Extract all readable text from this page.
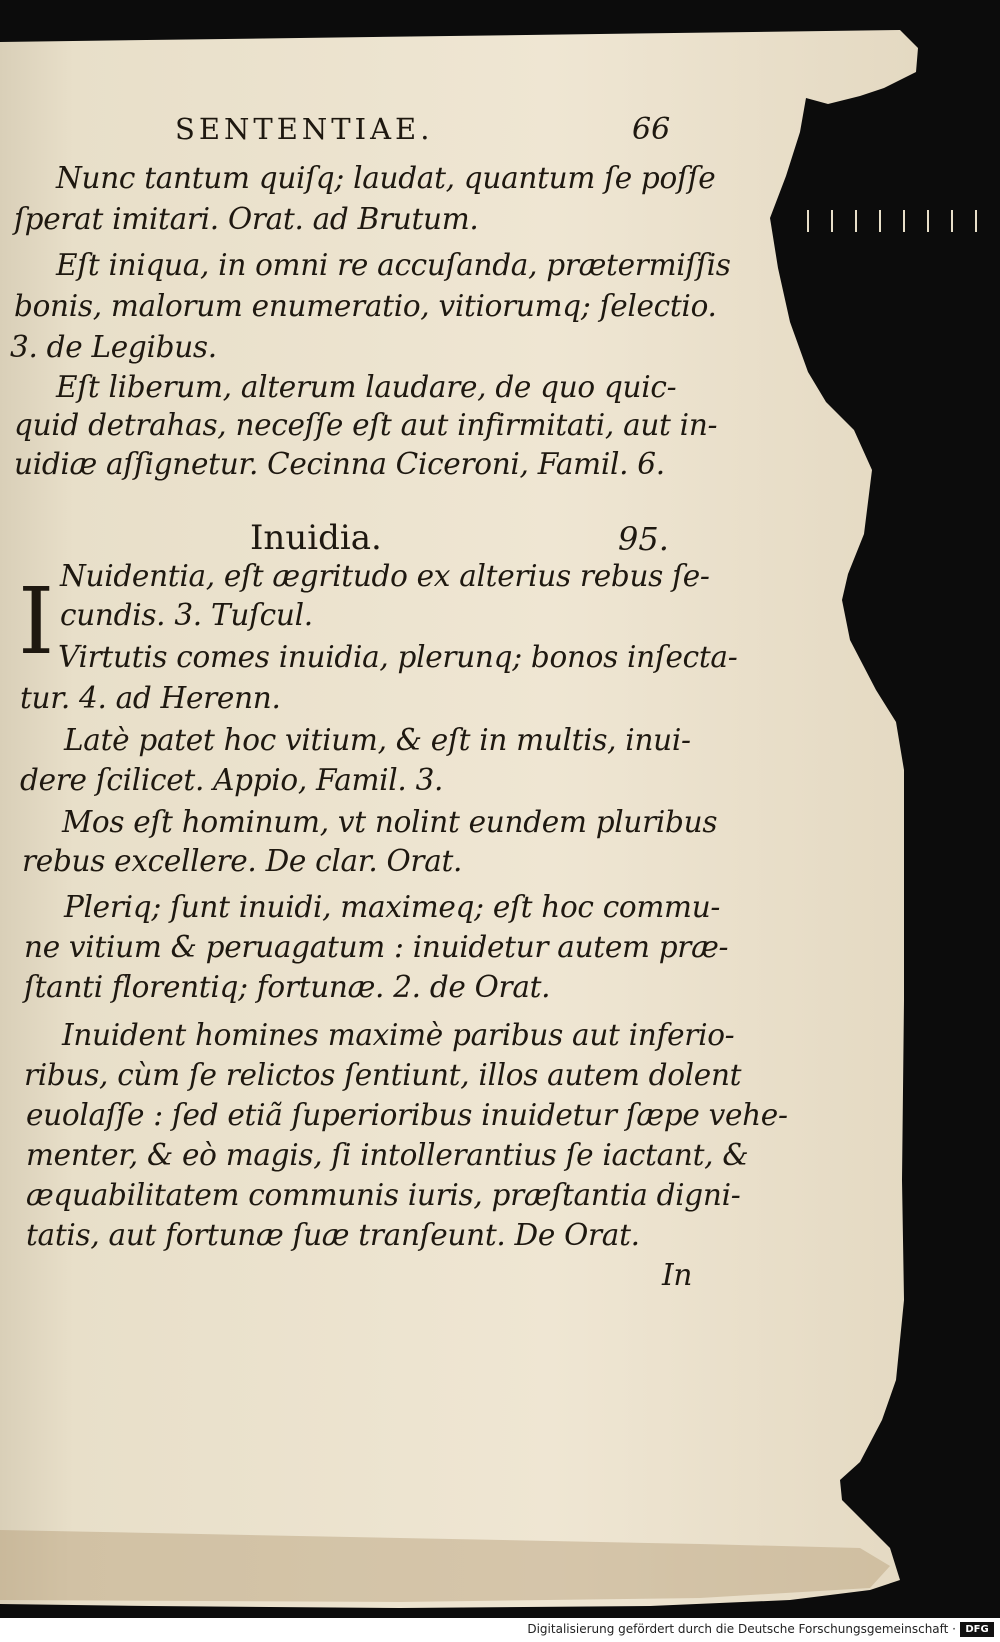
SENTENTIAE.	66
Nunc tantum quiſq; laudat, quantum ſe poſſe
ſperat imitari. Orat. ad Brutum.
Eſt iniqua, in omni re accuſanda, prætermiſſis
bonis, malorum enumeratio, vitiorumq; ſelectio.
3. de Legibus.
Eſt liberum, alterum laudare, de quo quic-
quid detrahas, neceſſe eſt aut infirmitati, aut in-
uidiæ aſſignetur. Cecinna Ciceroni, Famil. 6.
Inuidia.	95.
I Nuidentia, eſt ægritudo ex alterius rebus ſe-
cundis. 3. Tuſcul.
Virtutis comes inuidia, plerunq; bonos inſecta-
tur. 4. ad Herenn.
Latè patet hoc vitium, & eſt in multis, inui-
dere ſcilicet. Appio, Famil. 3.
Mos eſt hominum, vt nolint eundem pluribus
rebus excellere. De clar. Orat.
Pleriq; ſunt inuidi, maximeq; eſt hoc commu-
ne vitium & peruagatum : inuidetur autem præ-
ſtanti florentiq; fortunæ. 2. de Orat.
Inuident homines maximè paribus aut inferio-
ribus, cùm ſe relictos ſentiunt, illos autem dolent
euolaſſe : ſed etiã ſuperioribus inuidetur ſæpe vehe-
menter, & eò magis, ſi intollerantius ſe iactant, &
æquabilitatem communis iuris, præſtantia digni-
tatis, aut fortunæ ſuæ tranſeunt. De Orat.
In
Digitalisierung gefördert durch die Deutsche Forschungsgemeinschaft · DFG
